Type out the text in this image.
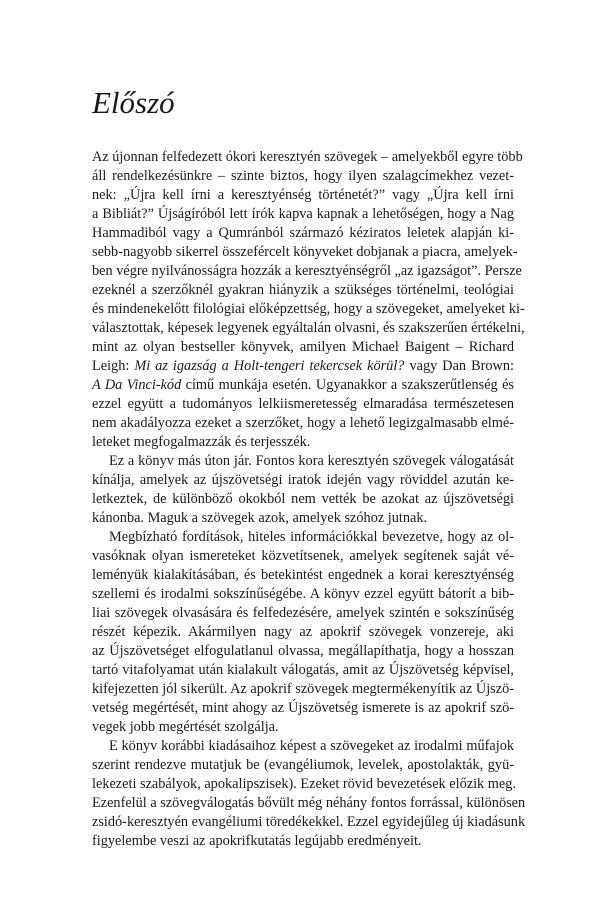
Előszó
Az újonnan felfedezett ókori keresztyén szövegek – amelyekből egyre több
áll rendelkezésünkre – szinte biztos, hogy ilyen szalagcímekhez vezet-
nek: „Újra kell írni a keresztyénség történetét?” vagy „Újra kell írni
a Bibliát?” Újságíróból lett írók kapva kapnak a lehetőségen, hogy a Nag
Hammadiból vagy a Qumránból származó kéziratos leletek alapján ki-
sebb-nagyobb sikerrel összefércelt könyveket dobjanak a piacra, amelyek-
ben végre nyilvánosságra hozzák a keresztyénségről „az igazságot”. Persze
ezeknél a szerzőknél gyakran hiányzik a szükséges történelmi, teológiai
és mindenekelőtt filológiai előképzettség, hogy a szövegeket, amelyeket ki-
választottak, képesek legyenek egyáltalán olvasni, és szakszerűen értékelni,
mint az olyan bestseller könyvek, amilyen Michael Baigent – Richard
Leigh: Mi az igazság a Holt-tengeri tekercsek körül? vagy Dan Brown:
A Da Vinci-kód című munkája esetén. Ugyanakkor a szakszerűtlenség és
ezzel együtt a tudományos lelkiismeretesség elmaradása természetesen
nem akadályozza ezeket a szerzőket, hogy a lehető legizgalmasabb elmé-
leteket megfogalmazzák és terjesszék.
Ez a könyv más úton jár. Fontos kora keresztyén szövegek válogatását
kínálja, amelyek az újszövetségi iratok idején vagy röviddel azután ke-
letkeztek, de különböző okokból nem vették be azokat az újszövetségi
kánonba. Maguk a szövegek azok, amelyek szóhoz jutnak.
Megbízható fordítások, hiteles információkkal bevezetve, hogy az ol-
vasóknak olyan ismereteket közvetítsenek, amelyek segítenek saját vé-
leményük kialakításában, és betekintést engednek a korai keresztyénség
szellemi és irodalmi sokszínűségébe. A könyv ezzel együtt bátorít a bib-
liai szövegek olvasására és felfedezésére, amelyek szintén e sokszínűség
részét képezik. Akármilyen nagy az apokrif szövegek vonzereje, aki
az Újszövetséget elfogulatlanul olvassa, megállapíthatja, hogy a hosszan
tartó vitafolyamat után kialakult válogatás, amit az Újszövetség képvisel,
kifejezetten jól sikerült. Az apokrif szövegek megtermékenyítik az Újszö-
vetség megértését, mint ahogy az Újszövetség ismerete is az apokrif szö-
vegek jobb megértését szolgálja.
E könyv korábbi kiadásaihoz képest a szövegeket az irodalmi műfajok
szerint rendezve mutatjuk be (evangéliumok, levelek, apostolakták, gyü-
lekezeti szabályok, apokalipszisek). Ezeket rövid bevezetések előzik meg.
Ezenfelül a szövegválogatás bővült még néhány fontos forrással, különösen
zsidó-keresztyén evangéliumi töredékekkel. Ezzel egyidejűleg új kiadásunk
figyelembe veszi az apokrifkutatás legújabb eredményeit.
